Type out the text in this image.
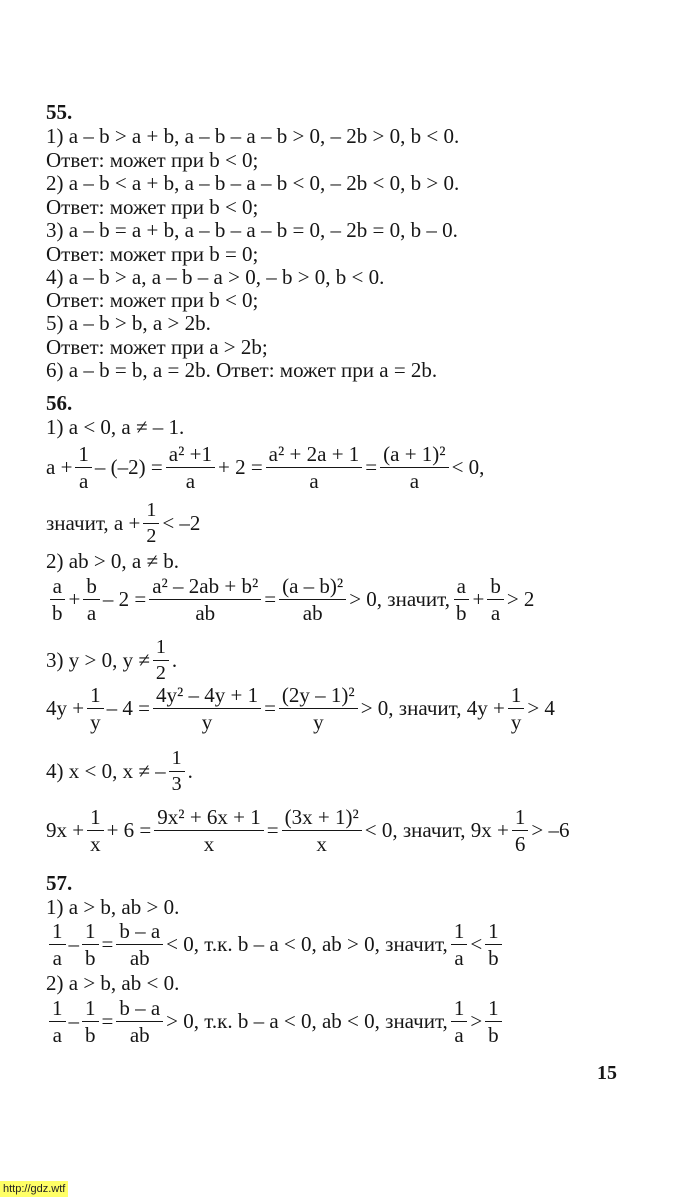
55.
1) a – b > a + b, a – b – a – b > 0, – 2b > 0, b < 0.
Ответ: может при b < 0;
2) a – b < a + b, a – b – a – b < 0, – 2b < 0, b > 0.
Ответ: может при b < 0;
3) a – b = a + b, a – b – a – b = 0, – 2b = 0, b – 0.
Ответ: может при b = 0;
4) a – b > a, a – b – a > 0, – b > 0, b < 0.
Ответ: может при b < 0;
5) a – b > b, a > 2b.
Ответ: может при a > 2b;
6) a – b = b, a = 2b. Ответ: может при a = 2b.
56.
1) a < 0, a ≠ – 1.
$a + \frac{1}{a} - (-2) = \frac{\text{a² +1}}{a} + 2 = \frac{\text{a² + 2a + 1}}{a} = \frac{\text{(a + 1)²}}{a} < 0$,
значит, $a + \frac{1}{2} < -2$
2) ab > 0, a ≠ b.
$\frac{a}{b} + \frac{b}{a} - 2 = \frac{\text{a² – 2ab + b²}}{ab} = \frac{\text{(a – b)²}}{ab} > 0$, значит, $\frac{a}{b} + \frac{b}{a} > 2$
3) y > 0, $y \ne \frac{1}{2}$ .
$4y + \frac{1}{y} - 4 = \frac{\text{4y² – 4y + 1}}{y} = \frac{\text{(2y – 1)²}}{y} > 0$, значит, $4y + \frac{1}{y} > 4$
4) x < 0, x ≠ – $\frac{1}{3}$ .
$9x + \frac{1}{x} + 6 = \frac{\text{9x² + 6x + 1}}{x} = \frac{\text{(3x + 1)²}}{x} < 0$, значит, $9x + \frac{1}{6} > -6$
57.
1) a > b, ab > 0.
$\frac{1}{a} - \frac{1}{b} = \frac{b - a}{ab} < 0$, т.к. b – a < 0, ab > 0, значит, $\frac{1}{a} < \frac{1}{b}$
2) a > b, ab < 0.
$\frac{1}{a} - \frac{1}{b} = \frac{b - a}{ab} > 0$, т.к. b – a < 0, ab < 0, значит, $\frac{1}{a} > \frac{1}{b}$
15
http://gdz.wtf
